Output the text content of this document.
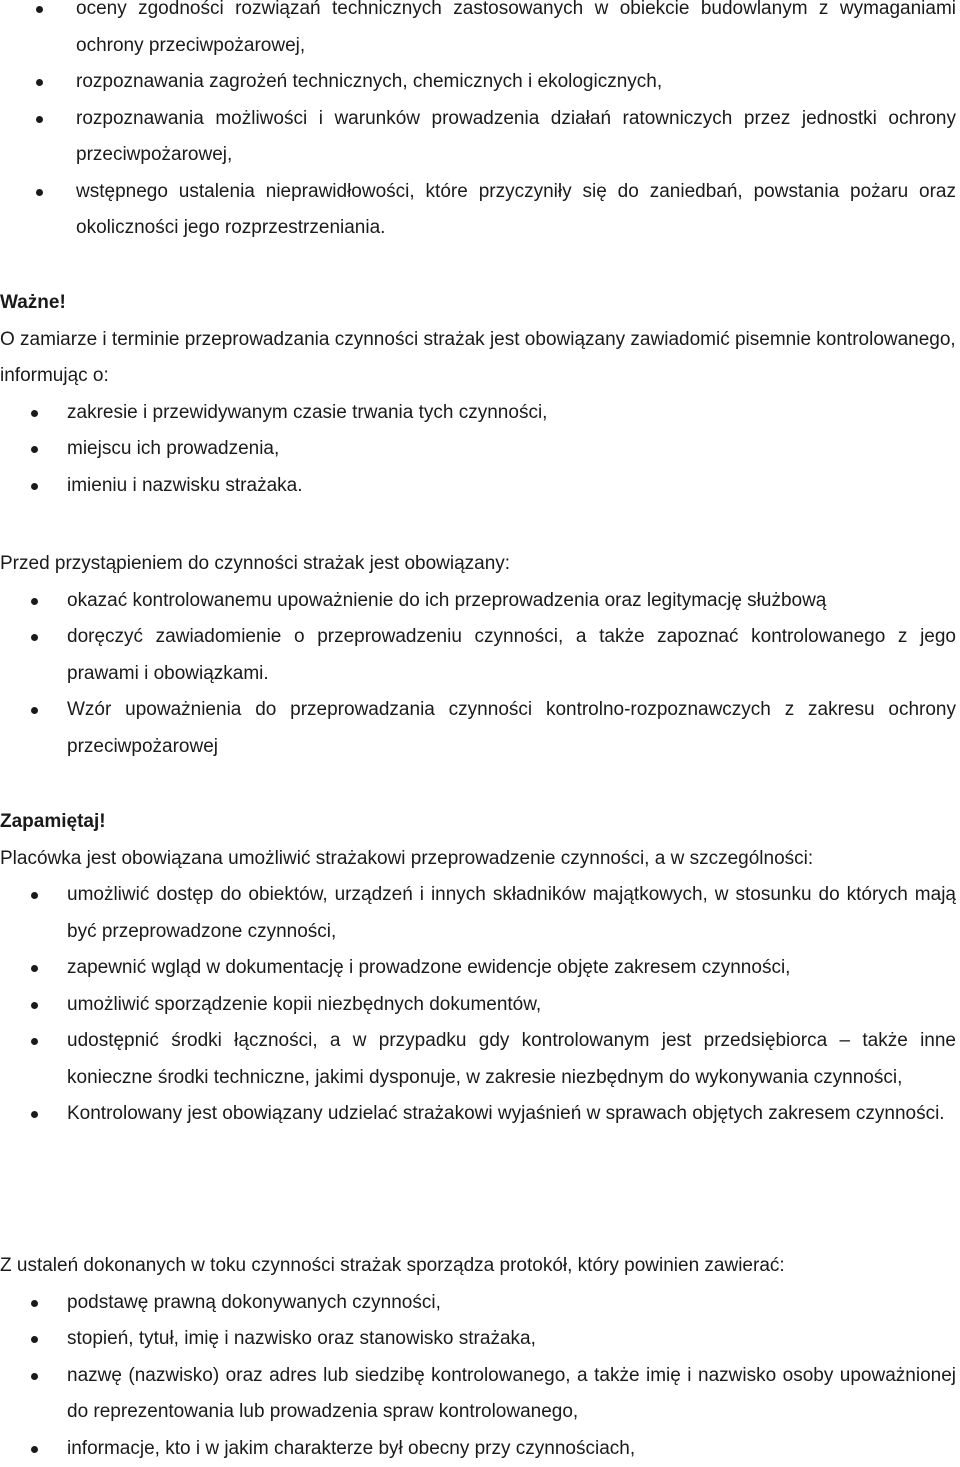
oceny zgodności rozwiązań technicznych zastosowanych w obiekcie budowlanym z wymaganiami ochrony przeciwpożarowej,
rozpoznawania zagrożeń technicznych, chemicznych i ekologicznych,
rozpoznawania możliwości i warunków prowadzenia działań ratowniczych przez jednostki ochrony przeciwpożarowej,
wstępnego ustalenia nieprawidłowości, które przyczyniły się do zaniedbań, powstania pożaru oraz okoliczności jego rozprzestrzeniania.

Ważne!

O zamiarze i terminie przeprowadzania czynności strażak jest obowiązany zawiadomić pisemnie kontrolowanego, informując o:

zakresie i przewidywanym czasie trwania tych czynności,
miejscu ich prowadzenia,
imieniu i nazwisku strażaka.

Przed przystąpieniem do czynności strażak jest obowiązany:

okazać kontrolowanemu upoważnienie do ich przeprowadzenia oraz legitymację służbową
doręczyć zawiadomienie o przeprowadzeniu czynności, a także zapoznać kontrolowanego z jego prawami i obowiązkami.
Wzór upoważnienia do przeprowadzania czynności kontrolno-rozpoznawczych z zakresu ochrony przeciwpożarowej

Zapamiętaj!

Placówka jest obowiązana umożliwić strażakowi przeprowadzenie czynności, a w szczególności:

umożliwić dostęp do obiektów, urządzeń i innych składników majątkowych, w stosunku do których mają być przeprowadzone czynności,
zapewnić wgląd w dokumentację i prowadzone ewidencje objęte zakresem czynności,
umożliwić sporządzenie kopii niezbędnych dokumentów,
udostępnić środki łączności, a w przypadku gdy kontrolowanym jest przedsiębiorca – także inne konieczne środki techniczne, jakimi dysponuje, w zakresie niezbędnym do wykonywania czynności,
Kontrolowany jest obowiązany udzielać strażakowi wyjaśnień w sprawach objętych zakresem czynności.

Z ustaleń dokonanych w toku czynności strażak sporządza protokół, który powinien zawierać:

podstawę prawną dokonywanych czynności,
stopień, tytuł, imię i nazwisko oraz stanowisko strażaka,
nazwę (nazwisko) oraz adres lub siedzibę kontrolowanego, a także imię i nazwisko osoby upoważnionej do reprezentowania lub prowadzenia spraw kontrolowanego,
informacje, kto i w jakim charakterze był obecny przy czynnościach,
